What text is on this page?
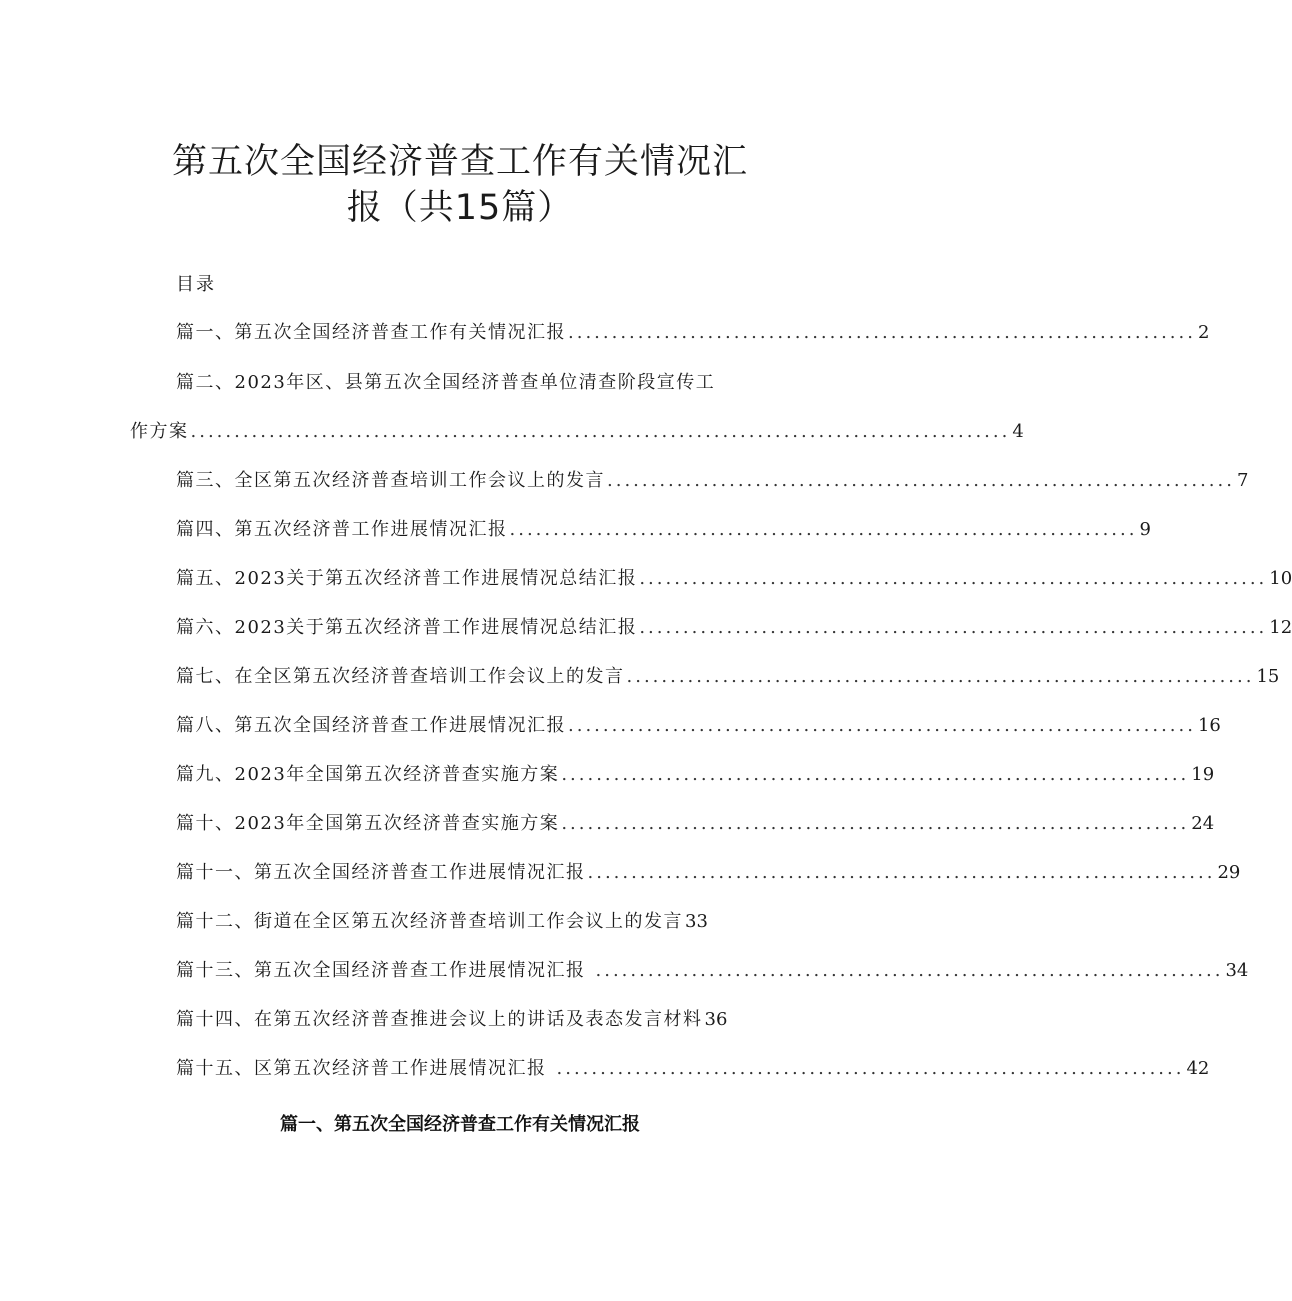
第五次全国经济普查工作有关情况汇
报（共15篇）
目录
篇一、第五次全国经济普查工作有关情况汇报 ........................................................................ 2
篇二、2023年区、县第五次全国经济普查单位清查阶段宣传工
作方案 .............................................................................................. 4
篇三、全区第五次经济普查培训工作会议上的发言 ........................................................................ 7
篇四、第五次经济普工作进展情况汇报 ........................................................................ 9
篇五、2023关于第五次经济普工作进展情况总结汇报 ........................................................................ 10
篇六、2023关于第五次经济普工作进展情况总结汇报 ........................................................................ 12
篇七、在全区第五次经济普查培训工作会议上的发言 ........................................................................ 15
篇八、第五次全国经济普查工作进展情况汇报 ........................................................................ 16
篇九、2023年全国第五次经济普查实施方案 ........................................................................ 19
篇十、2023年全国第五次经济普查实施方案 ........................................................................ 24
篇十一、第五次全国经济普查工作进展情况汇报 ........................................................................ 29
篇十二、街道在全区第五次经济普查培训工作会议上的发言 33
篇十三、第五次全国经济普查工作进展情况汇报 ........................................................................ 34
篇十四、在第五次经济普查推进会议上的讲话及表态发言材料 36
篇十五、区第五次经济普工作进展情况汇报 ........................................................................ 42
篇一、第五次全国经济普查工作有关情况汇报
